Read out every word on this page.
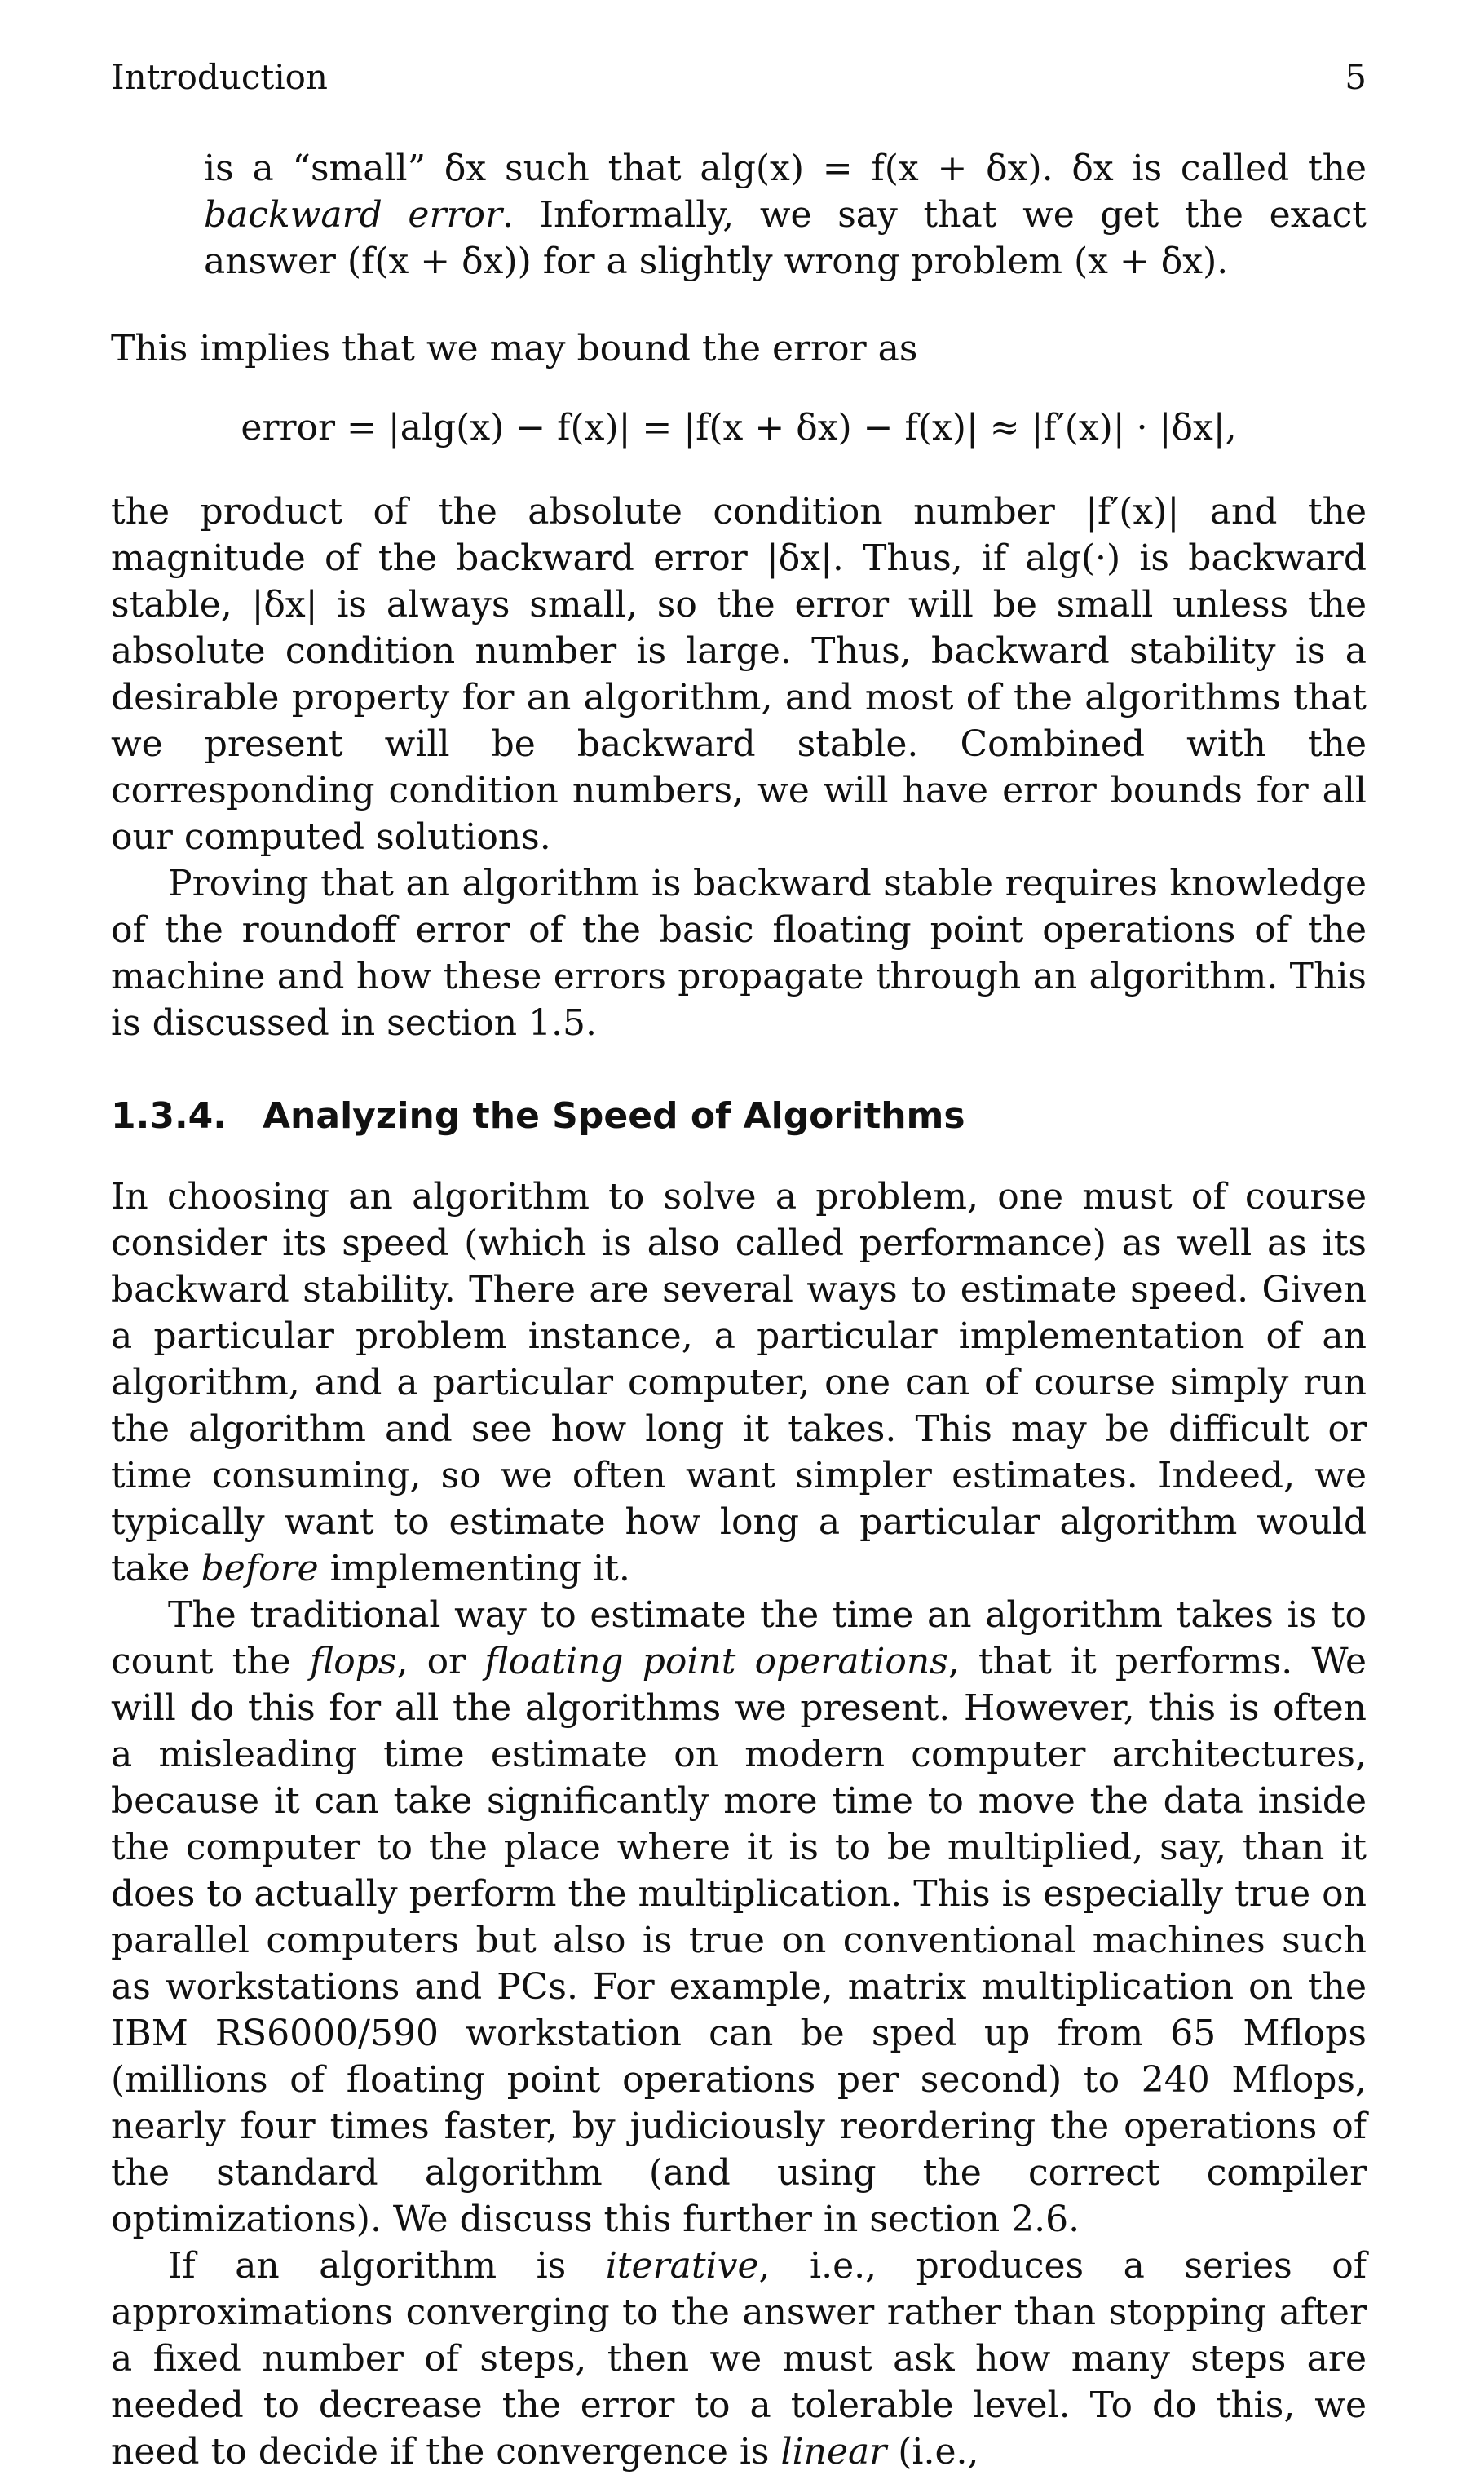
Introduction	5

is a “small” δx such that alg(x) = f(x + δx). δx is called the backward error. Informally, we say that we get the exact answer (f(x + δx)) for a slightly wrong problem (x + δx).

This implies that we may bound the error as

error = |alg(x) − f(x)| = |f(x + δx) − f(x)| ≈ |f′(x)| · |δx|,

the product of the absolute condition number |f′(x)| and the magnitude of the backward error |δx|. Thus, if alg(·) is backward stable, |δx| is always small, so the error will be small unless the absolute condition number is large. Thus, backward stability is a desirable property for an algorithm, and most of the algorithms that we present will be backward stable. Combined with the corresponding condition numbers, we will have error bounds for all our computed solutions.

Proving that an algorithm is backward stable requires knowledge of the roundoff error of the basic floating point operations of the machine and how these errors propagate through an algorithm. This is discussed in section 1.5.

1.3.4. Analyzing the Speed of Algorithms

In choosing an algorithm to solve a problem, one must of course consider its speed (which is also called performance) as well as its backward stability. There are several ways to estimate speed. Given a particular problem instance, a particular implementation of an algorithm, and a particular computer, one can of course simply run the algorithm and see how long it takes. This may be difficult or time consuming, so we often want simpler estimates. Indeed, we typically want to estimate how long a particular algorithm would take before implementing it.

The traditional way to estimate the time an algorithm takes is to count the flops, or floating point operations, that it performs. We will do this for all the algorithms we present. However, this is often a misleading time estimate on modern computer architectures, because it can take significantly more time to move the data inside the computer to the place where it is to be multiplied, say, than it does to actually perform the multiplication. This is especially true on parallel computers but also is true on conventional machines such as workstations and PCs. For example, matrix multiplication on the IBM RS6000/590 workstation can be sped up from 65 Mflops (millions of floating point operations per second) to 240 Mflops, nearly four times faster, by judiciously reordering the operations of the standard algorithm (and using the correct compiler optimizations). We discuss this further in section 2.6.

If an algorithm is iterative, i.e., produces a series of approximations converging to the answer rather than stopping after a fixed number of steps, then we must ask how many steps are needed to decrease the error to a tolerable level. To do this, we need to decide if the convergence is linear (i.e.,
